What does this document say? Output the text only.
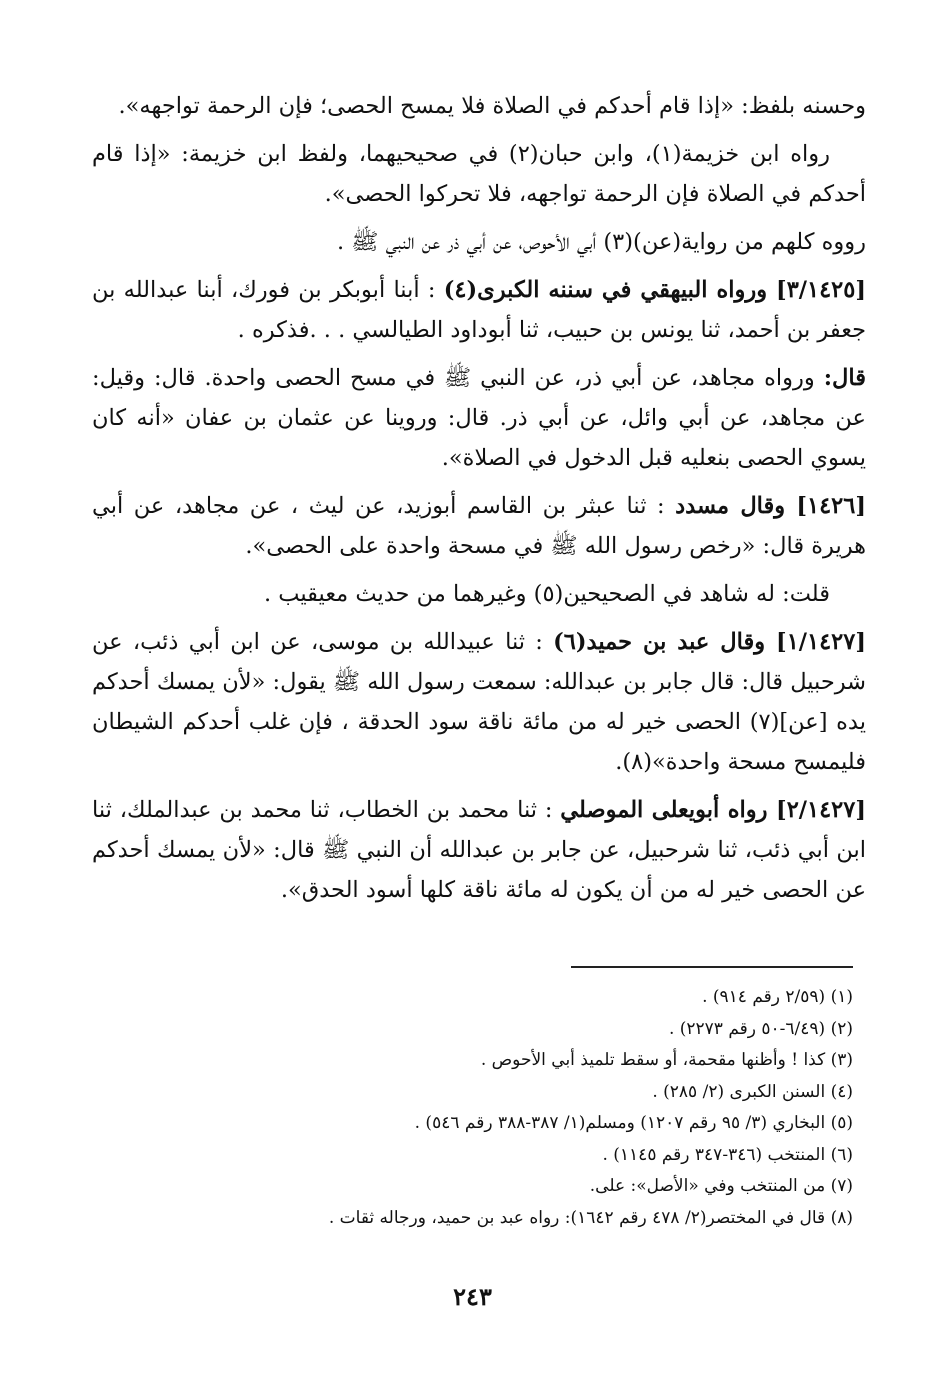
وحسنه بلفظ: «إذا قام أحدكم في الصلاة فلا يمسح الحصى؛ فإن الرحمة تواجهه».

رواه ابن خزيمة(١)، وابن حبان(٢) في صحيحيهما، ولفظ ابن خزيمة: «إذا قام أحدكم في الصلاة فإن الرحمة تواجهه، فلا تحركوا الحصى».

رووه كلهم من رواية(عن)(٣) أبي الأحوص، عن أبي ذر عن النبي ﷺ .

[٣/١٤٢٥] ورواه البيهقي في سننه الكبرى(٤) : أبنا أبوبكر بن فورك، أبنا عبدالله بن جعفر بن أحمد، ثنا يونس بن حبيب، ثنا أبوداود الطيالسي . . .فذكره .

قال: ورواه مجاهد، عن أبي ذر، عن النبي ﷺ في مسح الحصى واحدة. قال: وقيل: عن مجاهد، عن أبي وائل، عن أبي ذر. قال: وروينا عن عثمان بن عفان «أنه كان يسوي الحصى بنعليه قبل الدخول في الصلاة».

[١٤٢٦] وقال مسدد : ثنا عبثر بن القاسم أبوزيد، عن ليث ، عن مجاهد، عن أبي هريرة قال: «رخص رسول الله ﷺ في مسحة واحدة على الحصى».

قلت: له شاهد في الصحيحين(٥) وغيرهما من حديث معيقيب .

[١/١٤٢٧] وقال عبد بن حميد(٦) : ثنا عبيدالله بن موسى، عن ابن أبي ذئب، عن شرحبيل قال: قال جابر بن عبدالله: سمعت رسول الله ﷺ يقول: «لأن يمسك أحدكم يده [عن](٧) الحصى خير له من مائة ناقة سود الحدقة ، فإن غلب أحدكم الشيطان فليمسح مسحة واحدة»(٨).

[٢/١٤٢٧] رواه أبويعلى الموصلي : ثنا محمد بن الخطاب، ثنا محمد بن عبدالملك، ثنا ابن أبي ذئب، ثنا شرحبيل، عن جابر بن عبدالله أن النبي ﷺ قال: «لأن يمسك أحدكم عن الحصى خير له من أن يكون له مائة ناقة كلها أسود الحدق».

(١) (٢/٥٩ رقم ٩١٤) .

(٢) (٦/٤٩-٥٠ رقم ٢٢٧٣) .

(٣) كذا ! وأظنها مقحمة، أو سقط تلميذ أبي الأحوص .

(٤) السنن الكبرى (٢/ ٢٨٥) .

(٥) البخاري (٣/ ٩٥ رقم ١٢٠٧) ومسلم(١/ ٣٨٧-٣٨٨ رقم ٥٤٦) .

(٦) المنتخب (٣٤٦-٣٤٧ رقم ١١٤٥) .

(٧) من المنتخب وفي «الأصل»: على.

(٨) قال في المختصر(٢/ ٤٧٨ رقم ١٦٤٢): رواه عبد بن حميد، ورجاله ثقات .

٢٤٣
